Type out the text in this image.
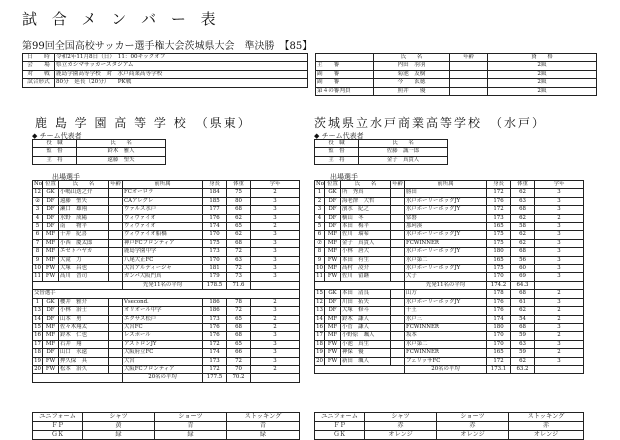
試 合 メ ン バ ー 表
第99回全国高校サッカー選手権大会茨城県大会　準決勝　【85】
日　　時	令和2年11月8日（日）　11：00キックオフ
会　　場	県立カシマサッカースタジアム
対　　戦	鹿島学園高等学校　対　水戸商業高等学校
試合形式	80分　延長（20分）　　PK戦
	氏　　名	年齢	資　　格
主　　審	内田　羽羽		2級
副　　審	菊池　友樹		2級
副　　審	今　　玄徳		2級
第４の審判員	照井　　優		2級
鹿 島 学 園 高 等 学 校　（県東）
◆ チーム代表者
役　職	氏　　名
監　督	鈴木　雅人
主　将	遠藤　聖矢
出場選手
No	位置	氏　　名	年齢	前所属	身長	体重	学年
12	GK	小嶋山迭之介		FCオーロラ	184	75	2
②	DF	遠藤　聖矢		CAアレグレ	185	80	3
3	DF	瀬口　雄翔		ヴァルス水戸	177	68	3
4	DF	水野　成陽		ヴィヴァイオ	176	62	3
5	DF	南　　物平		ヴィヴァイオ	174	65	2
6	MF	十井　紀喜		ヴィヴァイオ船橋	170	62	3
7	MF	小西　慶太郎		神戸FCフロンティア	175	68	3
8	MF	エゼトハヤカ		鹿島学園中学	173	72	3
9	MF	大滝　力		八尾大正FC	170	63	3
10	FW	大塚　昌也		大宮アルディージャ	181	72	3
11	FW	高川　晋司		ガンバ大阪門真	179	73	3
				先発11名の平均	178.5	71.6	
交替選手							
1	GK	櫻井　雅介		Vsecond.	186	78	2
13	DF	小林　治士		オリオール中学	186	72	3
14	DF	山本　勇		エクサス松戸	173	65	2
15	MF	佐々木翔太		大宮FC	176	68	2
16	MF	鈴木　仁也		レスポール	176	68	3
17	MF	右井　翔		アストロンJY	172	65	3
18	DF	山口　永遠		大阪府立FC	174	66	3
19	FW	押久保　具		大宮	173	72	3
20	FW	松本　治久		大阪FCフロンティア	172	70	2
				20名の平均	177.5	70.2	
ユニフォーム	シャツ	ショーツ	ストッキング
ＦＰ	黄	青	青
ＧＫ	緑	緑	緑
茨城県立水戸商業高等学校　（水戸）
◆ チーム代表者
役　職	氏　　名
監　督	佐藤　誠一郎
主　将	金子　真貴人
出場選手
No	位置	氏　　名	年齢	前所属	身長	体重	学年
1	GK	所　秀真		勝田	172	62	3
2	DF	海老澤　大哲		水戸ホーリーホックJY	176	63	3
3	DF	濱水　紀之		水戸ホーリーホックJY	172	68	3
4	DF	横山　冬		常磐	173	62	2
5	DF	本田　梅平		那珂湊	165	58	3
6	MF	佐川　瑠希		水戸ホーリーホックJY	175	62	3
⑦	MF	金子　真貴人		FCWINNER	175	62	3
8	MF	小林　唐大		水戸ホーリーホックJY	180	68	3
9	FW	本田　有生		水戸第二	165	56	3
10	MF	高村　凌介		水戸ホーリーホックJY	175	60	3
11	FW	佐川　留継		大子	170	69	3
				先発11名の平均	174.2	64.3	
15	GK	本田　清良		山方	178	68	2
12	DF	川田　拓矢		水戸ホーリーホックJY	176	61	3
13	DF	大塚　修斗		十王	176	62	2
14	MF	鈴木　謙人		水戸三	174	54	2
16	MF	小菅　謙人		FCWINNER	180	68	3
17	MF	小野原　颯人		坂本	170	59	2
18	FW	小池　真生		水戸第二	170	63	3
19	FW	神保　優		FCWINNER	165	59	2
20	FW	新田　颯人		フェリッサFC	172	62	3
				20名の平均	173.1	63.2	
ユニフォーム	シャツ	ショーツ	ストッキング
ＦＰ	赤	赤	赤
ＧＫ	オレンジ	オレンジ	オレンジ
